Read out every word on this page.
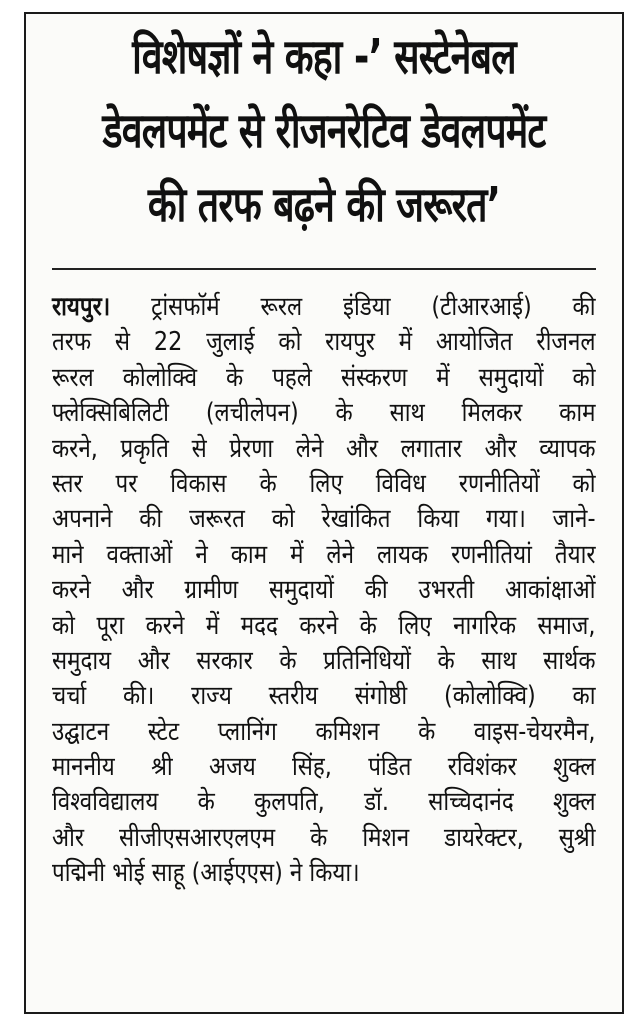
विशेषज्ञों ने कहा -’ सस्टेनेबल
डेवलपमेंट से रीजनरेटिव डेवलपमेंट
की तरफ बढ़ने की जरूरत’
रायपुर। ट्रांसफॉर्म रूरल इंडिया (टीआरआई) की
तरफ से 22 जुलाई को रायपुर में आयोजित रीजनल
रूरल कोलोक्वि के पहले संस्करण में समुदायों को
फ्लेक्सिबिलिटी (लचीलेपन) के साथ मिलकर काम
करने, प्रकृति से प्रेरणा लेने और लगातार और व्यापक
स्तर पर विकास के लिए विविध रणनीतियों को
अपनाने की जरूरत को रेखांकित किया गया। जाने-
माने वक्ताओं ने काम में लेने लायक रणनीतियां तैयार
करने और ग्रामीण समुदायों की उभरती आकांक्षाओं
को पूरा करने में मदद करने के लिए नागरिक समाज,
समुदाय और सरकार के प्रतिनिधियों के साथ सार्थक
चर्चा की। राज्य स्तरीय संगोष्ठी (कोलोक्वि) का
उद्घाटन स्टेट प्लानिंग कमिशन के वाइस-चेयरमैन,
माननीय श्री अजय सिंह, पंडित रविशंकर शुक्ल
विश्वविद्यालय के कुलपति, डॉ. सच्चिदानंद शुक्ल
और सीजीएसआरएलएम के मिशन डायरेक्टर, सुश्री
पद्मिनी भोई साहू (आईएएस) ने किया।
